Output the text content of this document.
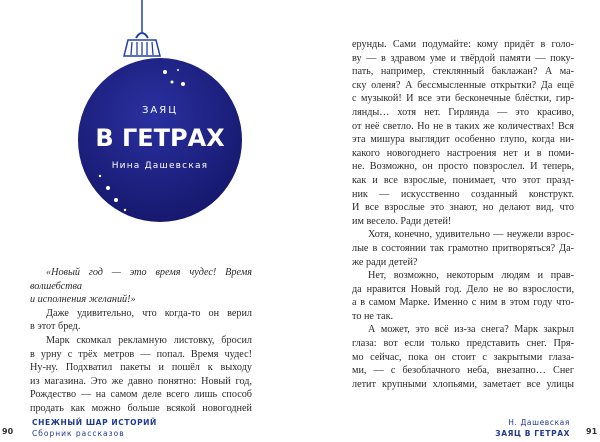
ЗАЯЦ
В ГЕТРАХ
Нина Дашевская
«Новый год — это время чудес! Время волшебства
и исполнения желаний!»
Даже удивительно, что когда-то он верил
в этот бред.
Марк скомкал рекламную листовку, бросил
в урну с трёх метров — попал. Время чудес!
Ну-ну. Подхватил пакеты и пошёл к выходу
из магазина. Это же давно понятно: Новый год,
Рождество — на самом деле всего лишь способ
продать как можно больше всякой новогодней
90
СНЕЖНЫЙ ШАР ИСТОРИЙ
Сборник рассказов
ерунды. Сами подумайте: кому придёт в голо-
ву — в здравом уме и твёрдой памяти — поку-
пать, например, стеклянный баклажан? А ма-
ску оленя? А бессмысленные открытки? Да ещё
с музыкой! И все эти бесконечные блёстки, гир-
лянды… хотя нет. Гирлянда — это красиво,
от неё светло. Но не в таких же количествах! Вся
эта мишура выглядит особенно глупо, когда ни-
какого новогоднего настроения нет и в поми-
не. Возможно, он просто повзрослел. И теперь,
как и все взрослые, понимает, что этот празд-
ник — искусственно созданный конструкт.
И все взрослые это знают, но делают вид, что
им весело. Ради детей!
Хотя, конечно, удивительно — неужели взрос-
лые в состоянии так грамотно притворяться? Да-
же ради детей?
Нет, возможно, некоторым людям и прав-
да нравится Новый год. Дело не во взрослости,
а в самом Марке. Именно с ним в этом году что-
то не так.
А может, это всё из-за снега? Марк закрыл
глаза: вот если только представить снег. Пря-
мо сейчас, пока он стоит с закрытыми глаза-
ми, — с безоблачного неба, внезапно… Снег
летит крупными хлопьями, заметает все улицы
Н. Дашевская
ЗАЯЦ В ГЕТРАХ 91
